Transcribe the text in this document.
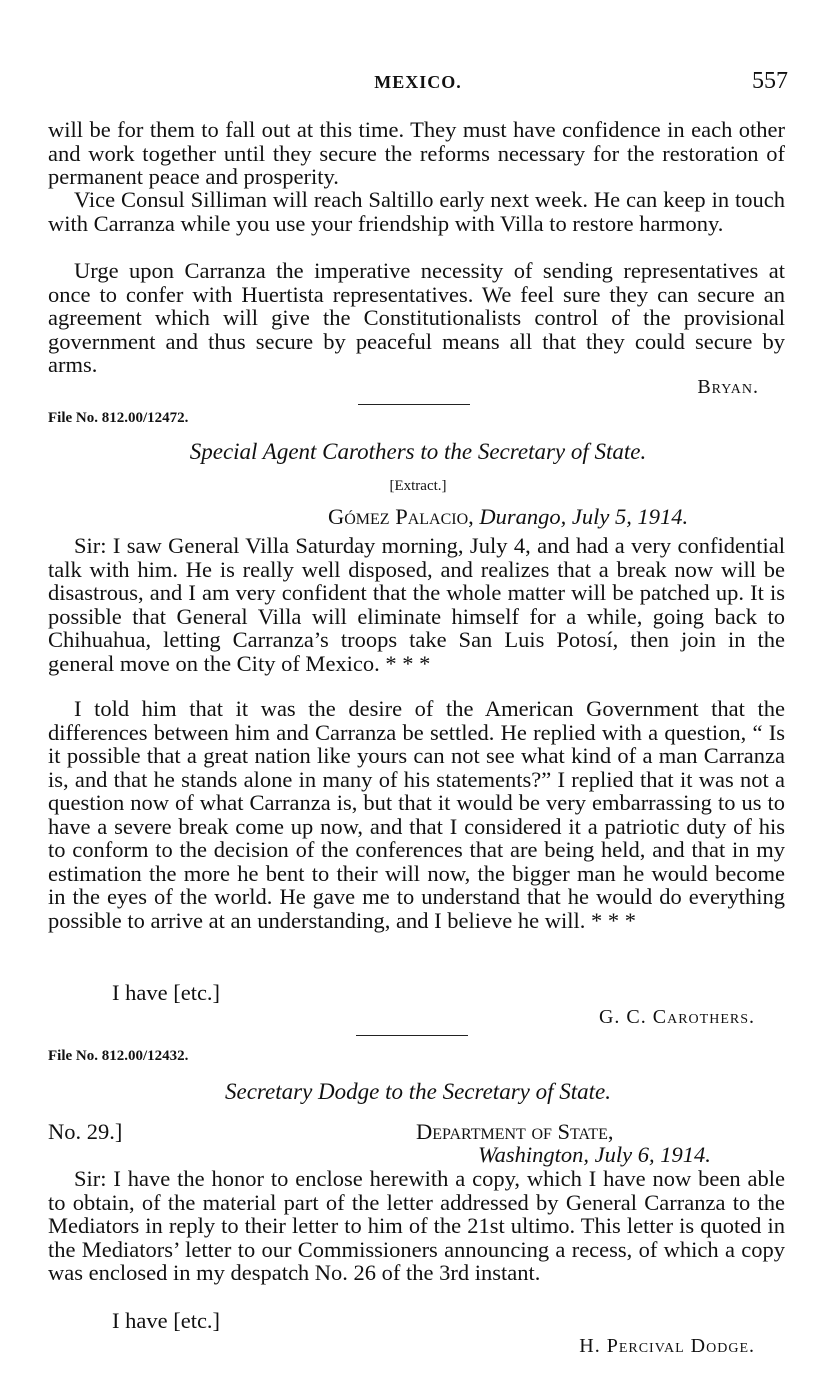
MEXICO.	557

will be for them to fall out at this time. They must have confidence in each other and work together until they secure the reforms necessary for the restoration of permanent peace and prosperity.

Vice Consul Silliman will reach Saltillo early next week. He can keep in touch with Carranza while you use your friendship with Villa to restore harmony.

Urge upon Carranza the imperative necessity of sending representatives at once to confer with Huertista representatives. We feel sure they can secure an agreement which will give the Constitutionalists control of the provisional government and thus secure by peaceful means all that they could secure by arms.

Bryan.
File No. 812.00/12472.
Special Agent Carothers to the Secretary of State.
[Extract.]
Gómez Palacio, Durango, July 5, 1914.

Sir: I saw General Villa Saturday morning, July 4, and had a very confidential talk with him. He is really well disposed, and realizes that a break now will be disastrous, and I am very confident that the whole matter will be patched up. It is possible that General Villa will eliminate himself for a while, going back to Chihuahua, letting Carranza’s troops take San Luis Potosí, then join in the general move on the City of Mexico. * * *

I told him that it was the desire of the American Government that the differences between him and Carranza be settled. He replied with a question, “ Is it possible that a great nation like yours can not see what kind of a man Carranza is, and that he stands alone in many of his statements?” I replied that it was not a question now of what Carranza is, but that it would be very embarrassing to us to have a severe break come up now, and that I considered it a patriotic duty of his to conform to the decision of the conferences that are being held, and that in my estimation the more he bent to their will now, the bigger man he would become in the eyes of the world. He gave me to understand that he would do everything possible to arrive at an understanding, and I believe he will. * * *

I have [etc.]
G. C. Carothers.
File No. 812.00/12432.
Secretary Dodge to the Secretary of State.
No. 29.]	Department of State,
Washington, July 6, 1914.

Sir: I have the honor to enclose herewith a copy, which I have now been able to obtain, of the material part of the letter addressed by General Carranza to the Mediators in reply to their letter to him of the 21st ultimo. This letter is quoted in the Mediators’ letter to our Commissioners announcing a recess, of which a copy was enclosed in my despatch No. 26 of the 3rd instant.

I have [etc.]
H. Percival Dodge.
